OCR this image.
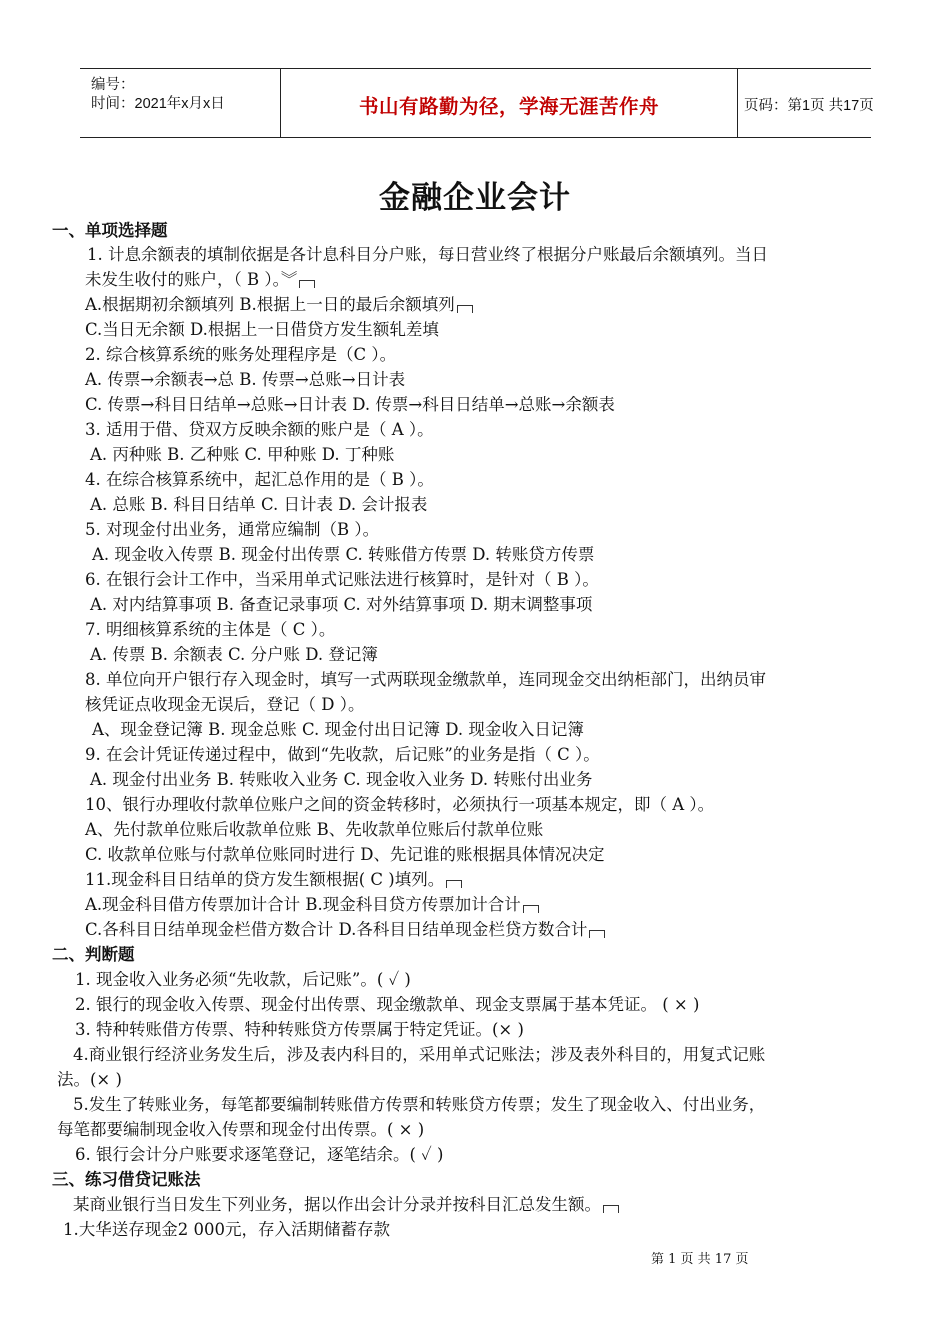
编号：
时间：2021年x月x日	书山有路勤为径，学海无涯苦作舟	页码：第1页 共17页
金融企业会计
一、单项选择题
1. 计息余额表的填制依据是各计息科目分户账，每日营业终了根据分户账最后余额填列。当日
未发生收付的账户，（ B ）。︾
A.根据期初余额填列 B.根据上一日的最后余额填列
C.当日无余额 D.根据上一日借贷方发生额轧差填
2. 综合核算系统的账务处理程序是（C ）。
A. 传票→余额表→总 B. 传票→总账→日计表
C. 传票→科目日结单→总账→日计表 D. 传票→科目日结单→总账→余额表
3. 适用于借、贷双方反映余额的账户是（ A ）。
A. 丙种账 B. 乙种账 C. 甲种账 D. 丁种账
4. 在综合核算系统中，起汇总作用的是（ B ）。
A. 总账 B. 科目日结单 C. 日计表 D. 会计报表
5. 对现金付出业务，通常应编制（B ）。
A. 现金收入传票 B. 现金付出传票 C. 转账借方传票 D. 转账贷方传票
6. 在银行会计工作中，当采用单式记账法进行核算时，是针对（ B ）。
A. 对内结算事项 B. 备查记录事项 C. 对外结算事项 D. 期末调整事项
7. 明细核算系统的主体是（ C ）。
A. 传票 B. 余额表 C. 分户账 D. 登记簿
8. 单位向开户银行存入现金时，填写一式两联现金缴款单，连同现金交出纳柜部门，出纳员审
核凭证点收现金无误后，登记（ D ）。
A、现金登记簿 B. 现金总账 C. 现金付出日记簿 D. 现金收入日记簿
9. 在会计凭证传递过程中，做到“先收款，后记账”的业务是指（ C ）。
A. 现金付出业务 B. 转账收入业务 C. 现金收入业务 D. 转账付出业务
10、银行办理收付款单位账户之间的资金转移时，必须执行一项基本规定，即（ A ）。
A、先付款单位账后收款单位账 B、先收款单位账后付款单位账
C. 收款单位账与付款单位账同时进行 D、先记谁的账根据具体情况决定
11.现金科目日结单的贷方发生额根据( C )填列。
A.现金科目借方传票加计合计 B.现金科目贷方传票加计合计
C.各科目日结单现金栏借方数合计 D.各科目日结单现金栏贷方数合计
二、判断题
1. 现金收入业务必须“先收款，后记账”。( ✓ )
2. 银行的现金收入传票、现金付出传票、现金缴款单、现金支票属于基本凭证。 ( × )
3. 特种转账借方传票、特种转账贷方传票属于特定凭证。(× )
4.商业银行经济业务发生后，涉及表内科目的，采用单式记账法；涉及表外科目的，用复式记账
法。(× )
5.发生了转账业务，每笔都要编制转账借方传票和转账贷方传票；发生了现金收入、付出业务，
每笔都要编制现金收入传票和现金付出传票。( × )
6. 银行会计分户账要求逐笔登记，逐笔结余。( ✓ )
三、练习借贷记账法
某商业银行当日发生下列业务，据以作出会计分录并按科目汇总发生额。
1.大华送存现金2 000元，存入活期储蓄存款
第 1 页 共 17 页
